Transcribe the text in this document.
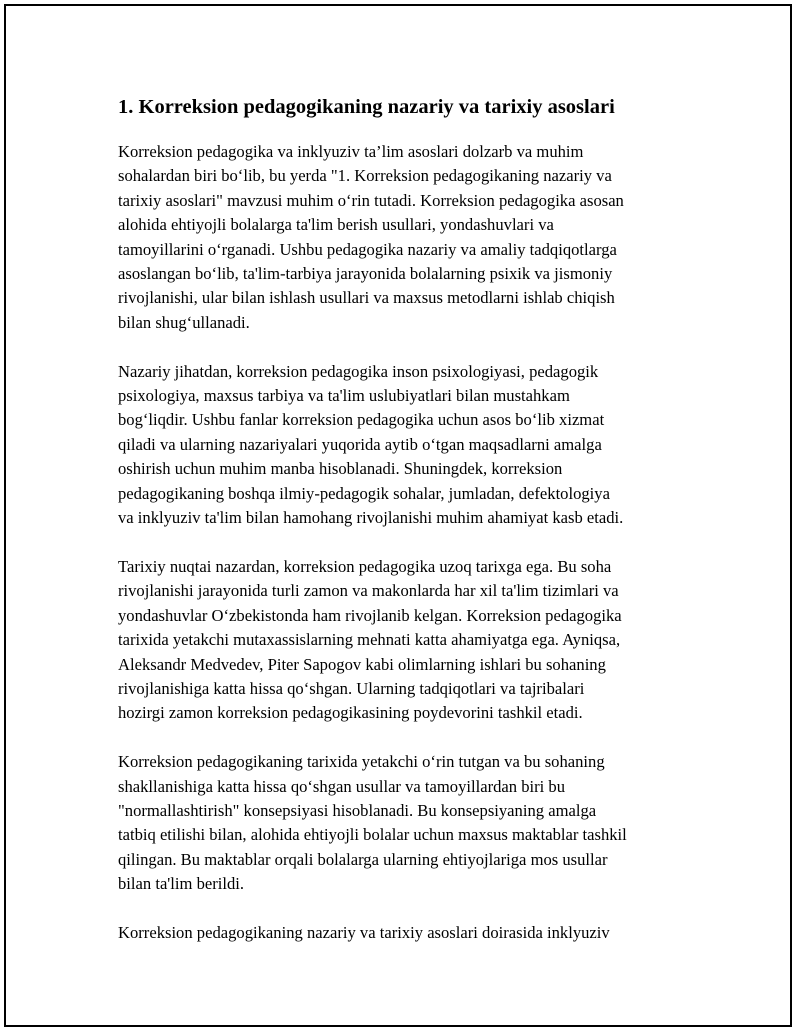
1. Korreksion pedagogikaning nazariy va tarixiy asoslari

Korreksion pedagogika va inklyuziv ta’lim asoslari dolzarb va muhim
sohalardan biri bo‘lib, bu yerda "1. Korreksion pedagogikaning nazariy va
tarixiy asoslari" mavzusi muhim o‘rin tutadi. Korreksion pedagogika asosan
alohida ehtiyojli bolalarga ta'lim berish usullari, yondashuvlari va
tamoyillarini o‘rganadi. Ushbu pedagogika nazariy va amaliy tadqiqotlarga
asoslangan bo‘lib, ta'lim-tarbiya jarayonida bolalarning psixik va jismoniy
rivojlanishi, ular bilan ishlash usullari va maxsus metodlarni ishlab chiqish
bilan shug‘ullanadi.

Nazariy jihatdan, korreksion pedagogika inson psixologiyasi, pedagogik
psixologiya, maxsus tarbiya va ta'lim uslubiyatlari bilan mustahkam
bog‘liqdir. Ushbu fanlar korreksion pedagogika uchun asos bo‘lib xizmat
qiladi va ularning nazariyalari yuqorida aytib o‘tgan maqsadlarni amalga
oshirish uchun muhim manba hisoblanadi. Shuningdek, korreksion
pedagogikaning boshqa ilmiy-pedagogik sohalar, jumladan, defektologiya
va inklyuziv ta'lim bilan hamohang rivojlanishi muhim ahamiyat kasb etadi.

Tarixiy nuqtai nazardan, korreksion pedagogika uzoq tarixga ega. Bu soha
rivojlanishi jarayonida turli zamon va makonlarda har xil ta'lim tizimlari va
yondashuvlar O‘zbekistonda ham rivojlanib kelgan. Korreksion pedagogika
tarixida yetakchi mutaxassislarning mehnati katta ahamiyatga ega. Ayniqsa,
Aleksandr Medvedev, Piter Sapogov kabi olimlarning ishlari bu sohaning
rivojlanishiga katta hissa qo‘shgan. Ularning tadqiqotlari va tajribalari
hozirgi zamon korreksion pedagogikasining poydevorini tashkil etadi.

Korreksion pedagogikaning tarixida yetakchi o‘rin tutgan va bu sohaning
shakllanishiga katta hissa qo‘shgan usullar va tamoyillardan biri bu
"normallashtirish" konsepsiyasi hisoblanadi. Bu konsepsiyaning amalga
tatbiq etilishi bilan, alohida ehtiyojli bolalar uchun maxsus maktablar tashkil
qilingan. Bu maktablar orqali bolalarga ularning ehtiyojlariga mos usullar
bilan ta'lim berildi.

Korreksion pedagogikaning nazariy va tarixiy asoslari doirasida inklyuziv
